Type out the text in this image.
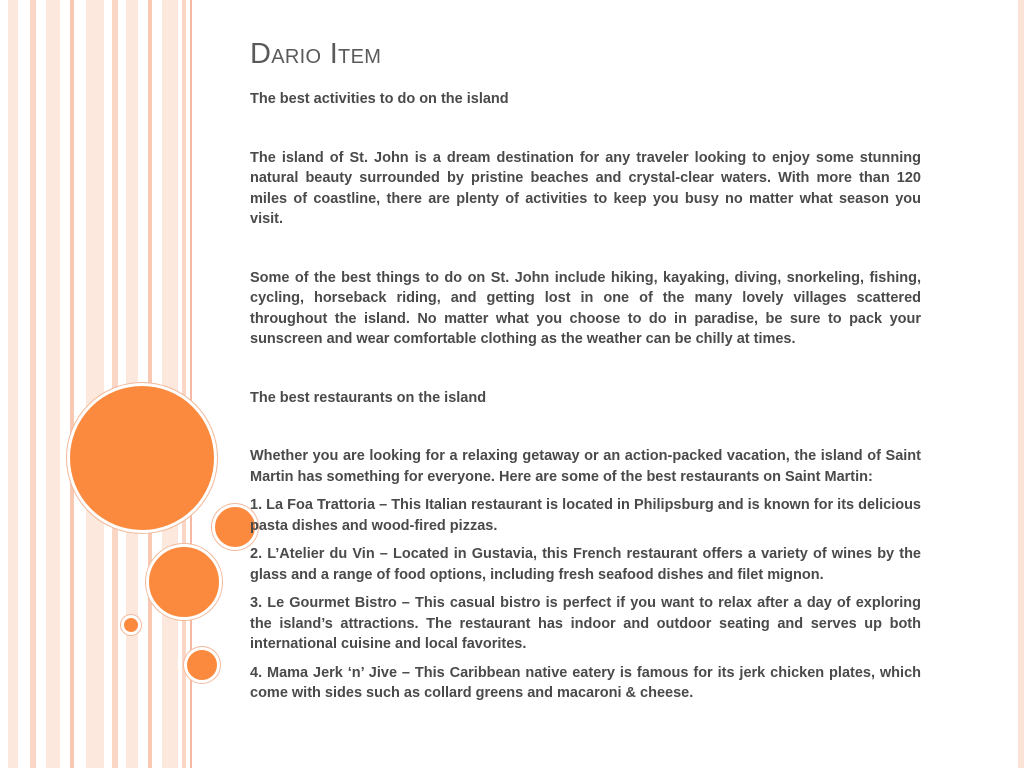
Dario Item

The best activities to do on the island

The island of St. John is a dream destination for any traveler looking to enjoy some stunning natural beauty surrounded by pristine beaches and crystal-clear waters. With more than 120 miles of coastline, there are plenty of activities to keep you busy no matter what season you visit.

Some of the best things to do on St. John include hiking, kayaking, diving, snorkeling, fishing, cycling, horseback riding, and getting lost in one of the many lovely villages scattered throughout the island. No matter what you choose to do in paradise, be sure to pack your sunscreen and wear comfortable clothing as the weather can be chilly at times.

The best restaurants on the island

Whether you are looking for a relaxing getaway or an action-packed vacation, the island of Saint Martin has something for everyone. Here are some of the best restaurants on Saint Martin:

1. La Foa Trattoria – This Italian restaurant is located in Philipsburg and is known for its delicious pasta dishes and wood-fired pizzas.

2. L’Atelier du Vin – Located in Gustavia, this French restaurant offers a variety of wines by the glass and a range of food options, including fresh seafood dishes and filet mignon.

3. Le Gourmet Bistro – This casual bistro is perfect if you want to relax after a day of exploring the island’s attractions. The restaurant has indoor and outdoor seating and serves up both international cuisine and local favorites.

4. Mama Jerk ‘n’ Jive – This Caribbean native eatery is famous for its jerk chicken plates, which come with sides such as collard greens and macaroni & cheese.
